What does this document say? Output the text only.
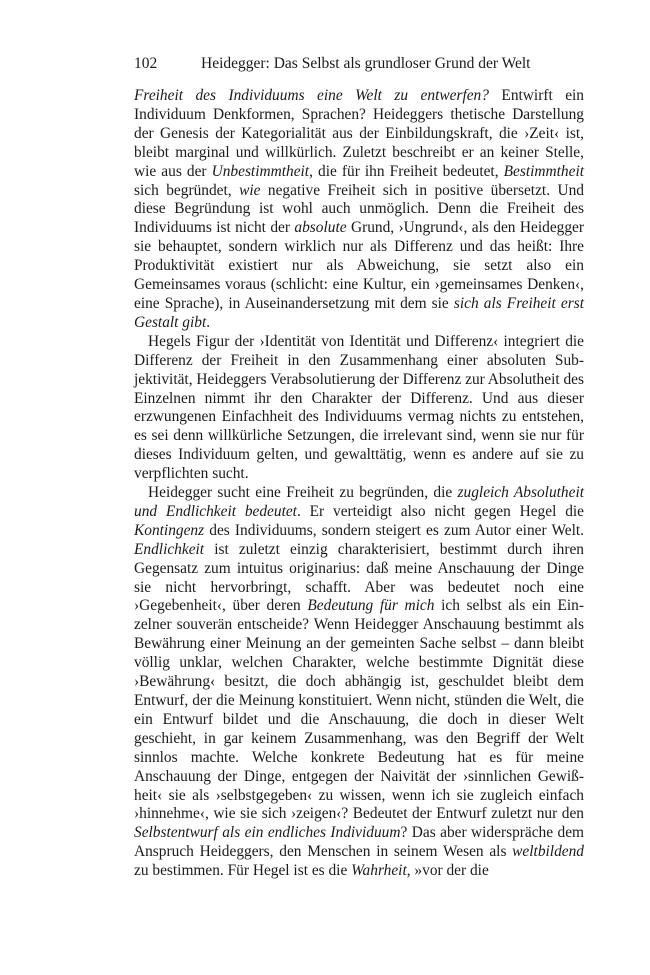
102	Heidegger: Das Selbst als grundloser Grund der Welt

Freiheit des Individuums eine Welt zu entwerfen? Entwirft ein Individuum Denkformen, Sprachen? Heideggers thetische Darstellung der Genesis der Kategorialität aus der Einbildungskraft, die ›Zeit‹ ist, bleibt marginal und willkürlich. Zuletzt beschreibt er an keiner Stelle, wie aus der Unbestimmtheit, die für ihn Freiheit bedeutet, Bestimmtheit sich begründet, wie negative Freiheit sich in positive übersetzt. Und diese Begründung ist wohl auch unmöglich. Denn die Freiheit des Individuums ist nicht der absolute Grund, ›Ungrund‹, als den Heidegger sie behauptet, sondern wirklich nur als Differenz und das heißt: Ihre Produktivität existiert nur als Abweichung, sie setzt also ein Gemeinsames voraus (schlicht: eine Kultur, ein ›gemeinsames Denken‹, eine Sprache), in Auseinandersetzung mit dem sie sich als Freiheit erst Gestalt gibt.

Hegels Figur der ›Identität von Identität und Differenz‹ integriert die Differenz der Freiheit in den Zusammenhang einer absoluten Subjektivität, Heideggers Verabsolutierung der Differenz zur Absolutheit des Einzelnen nimmt ihr den Charakter der Differenz. Und aus dieser erzwungenen Einfachheit des Individuums vermag nichts zu entstehen, es sei denn willkürliche Setzungen, die irrelevant sind, wenn sie nur für dieses Individuum gelten, und gewalttätig, wenn es andere auf sie zu verpflichten sucht.

Heidegger sucht eine Freiheit zu begründen, die zugleich Absolutheit und Endlichkeit bedeutet. Er verteidigt also nicht gegen Hegel die Kontingenz des Individuums, sondern steigert es zum Autor einer Welt. Endlichkeit ist zuletzt einzig charakterisiert, bestimmt durch ihren Gegensatz zum intuitus originarius: daß meine Anschauung der Dinge sie nicht hervorbringt, schafft. Aber was bedeutet noch eine ›Gegebenheit‹, über deren Bedeutung für mich ich selbst als ein Einzelner souverän entscheide? Wenn Heidegger Anschauung bestimmt als Bewährung einer Meinung an der gemeinten Sache selbst – dann bleibt völlig unklar, welchen Charakter, welche bestimmte Dignität diese ›Bewährung‹ besitzt, die doch abhängig ist, geschuldet bleibt dem Entwurf, der die Meinung konstituiert. Wenn nicht, stünden die Welt, die ein Entwurf bildet und die Anschauung, die doch in dieser Welt geschieht, in gar keinem Zusammenhang, was den Begriff der Welt sinnlos machte. Welche konkrete Bedeutung hat es für meine Anschauung der Dinge, entgegen der Naivität der ›sinnlichen Gewißheit‹ sie als ›selbstgegeben‹ zu wissen, wenn ich sie zugleich einfach ›hinnehme‹, wie sie sich ›zeigen‹? Bedeutet der Entwurf zuletzt nur den Selbstentwurf als ein endliches Individuum? Das aber widerspräche dem Anspruch Heideggers, den Menschen in seinem Wesen als weltbildend zu bestimmen. Für Hegel ist es die Wahrheit, »vor der die
